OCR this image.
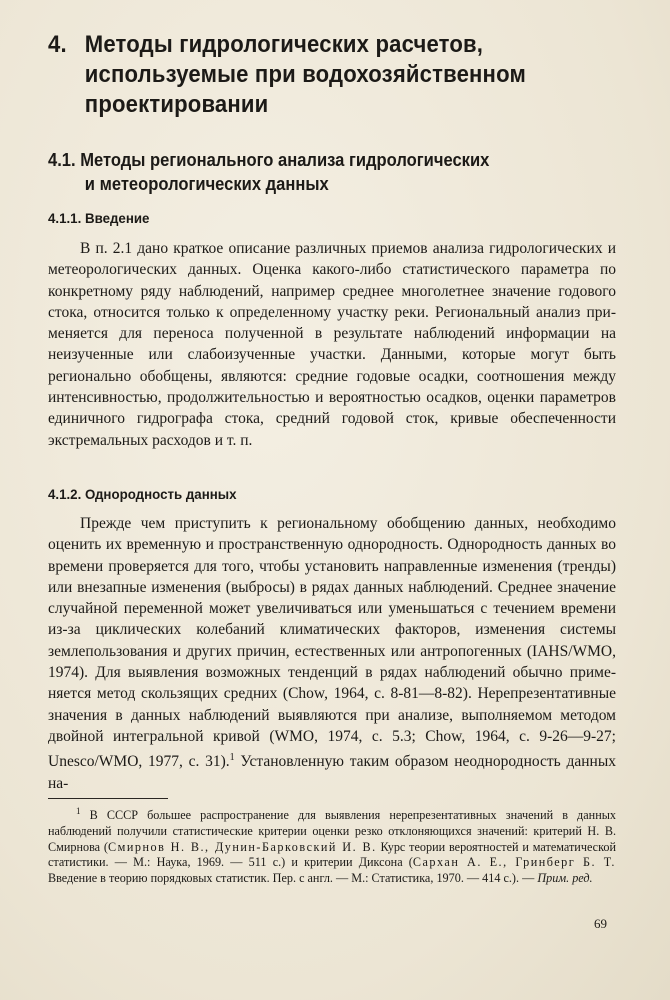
4. Методы гидрологических расчетов,
используемые при водохозяйственном
проектировании
4.1. Методы регионального анализа гидрологических
и метеорологических данных
4.1.1. Введение

В п. 2.1 дано краткое описание различных приемов анализа гидрологических и метеорологических данных. Оценка какого-либо статистического параметра по конкретному ряду наблюдений, например среднее многолетнее значение годового стока, относится только к определенному участку реки. Региональный анализ применяется для переноса полученной в результате наблюдений информации на неизученные или слабоизученные участки. Данными, которые могут быть регионально обобщены, являются: средние годовые осадки, соотношения между интенсивностью, продолжительностью и вероятностью осадков, оценки параметров единичного гидрографа стока, средний годовой сток, кривые обеспеченности экстремальных расходов и т. п.

4.1.2. Однородность данных

Прежде чем приступить к региональному обобщению данных, необходимо оценить их временную и пространственную однородность. Однородность данных во времени проверяется для того, чтобы установить направленные изменения (тренды) или внезапные изменения (выбросы) в рядах данных наблюдений. Среднее значение случайной переменной может увеличиваться или уменьшаться с течением времени из-за циклических колебаний климатических факторов, изменения системы землепользования и других причин, естественных или антропогенных (IAHS/WMO, 1974). Для выявления возможных тенденций в рядах наблюдений обычно применяется метод скользящих средних (Chow, 1964, с. 8-81—8-82). Нерепрезентативные значения в данных наблюдений выявляются при анализе, выполняемом методом двойной интегральной кривой (WMO, 1974, с. 5.3; Chow, 1964, с. 9-26—9-27; Unesco/WMO, 1977, с. 31).$^1$ Установленную таким образом неоднородность данных на-

$^1$ В СССР большее распространение для выявления нерепрезентативных значений в данных наблюдений получили статистические критерии оценки резко отклоняющихся значений: критерий Н. В. Смирнова (Смирнов Н. В., Дунин-Барковский И. В. Курс теории вероятностей и математической статистики. — М.: Наука, 1969. — 511 с.) и критерии Диксона (Сархан А. Е., Гринберг Б. Т. Введение в теорию порядковых статистик. Пер. с англ. — М.: Статистика, 1970. — 414 с.). — Прим. ред.

69
